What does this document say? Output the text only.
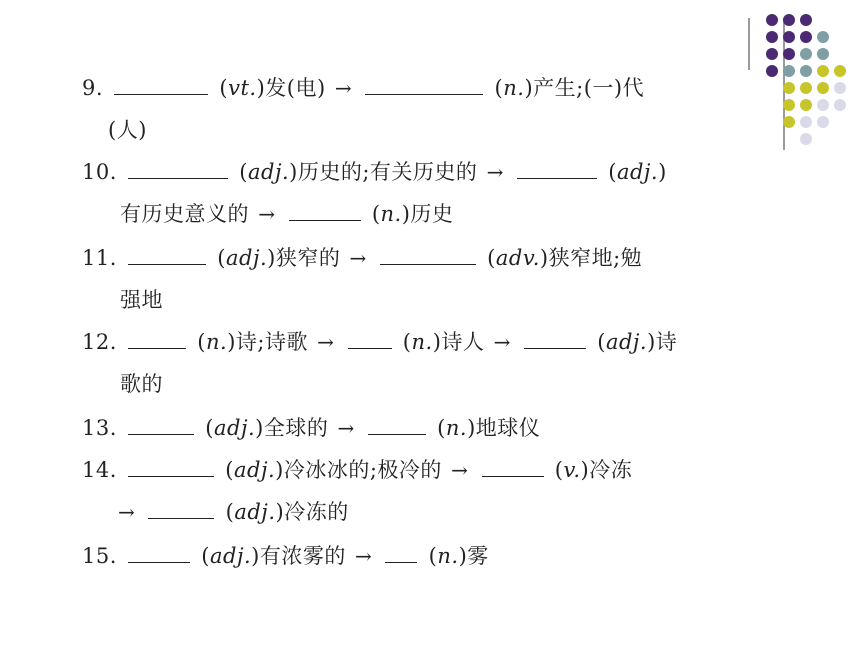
9.	(vt.)发(电) →	(n.)产生;(一)代
(人)
10.	(adj.)历史的;有关历史的 →	(adj.)
有历史意义的 →	(n.)历史
11.	(adj.)狭窄的 →	(adv.)狭窄地;勉
强地
12.	(n.)诗;诗歌 →	(n.)诗人 →	(adj.)诗
歌的
13.	(adj.)全球的 →	(n.)地球仪
14.	(adj.)冷冰冰的;极冷的 →	(v.)冷冻
→	(adj.)冷冻的
15.	(adj.)有浓雾的 →	(n.)雾
